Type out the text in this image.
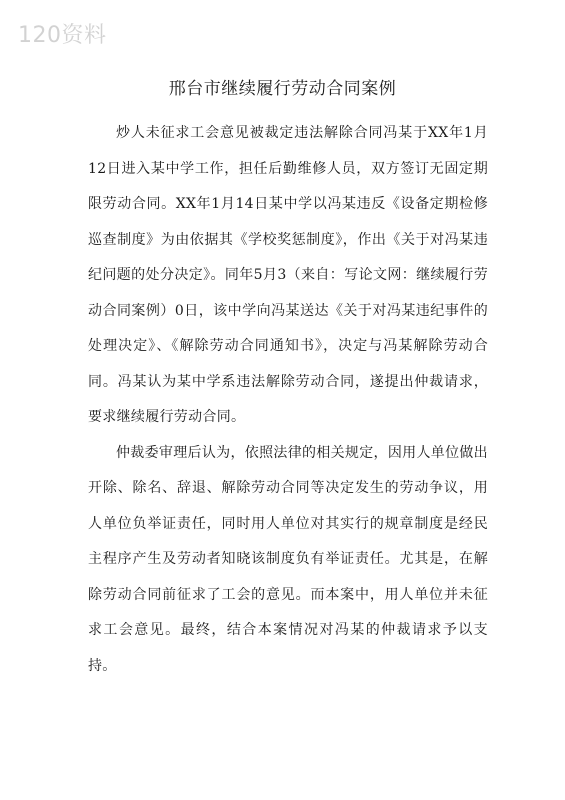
120资料
邢台市继续履行劳动合同案例

炒人未征求工会意见被裁定违法解除合同冯某于XX年1月12日进入某中学工作，担任后勤维修人员，双方签订无固定期限劳动合同。XX年1月14日某中学以冯某违反《设备定期检修巡查制度》为由依据其《学校奖惩制度》，作出《关于对冯某违纪问题的处分决定》。同年5月3（来自：写论文网：继续履行劳动合同案例）0日，该中学向冯某送达《关于对冯某违纪事件的处理决定》、《解除劳动合同通知书》，决定与冯某解除劳动合同。冯某认为某中学系违法解除劳动合同，遂提出仲裁请求，要求继续履行劳动合同。

仲裁委审理后认为，依照法律的相关规定，因用人单位做出开除、除名、辞退、解除劳动合同等决定发生的劳动争议，用人单位负举证责任，同时用人单位对其实行的规章制度是经民主程序产生及劳动者知晓该制度负有举证责任。尤其是，在解除劳动合同前征求了工会的意见。而本案中，用人单位并未征求工会意见。最终，结合本案情况对冯某的仲裁请求予以支持。
